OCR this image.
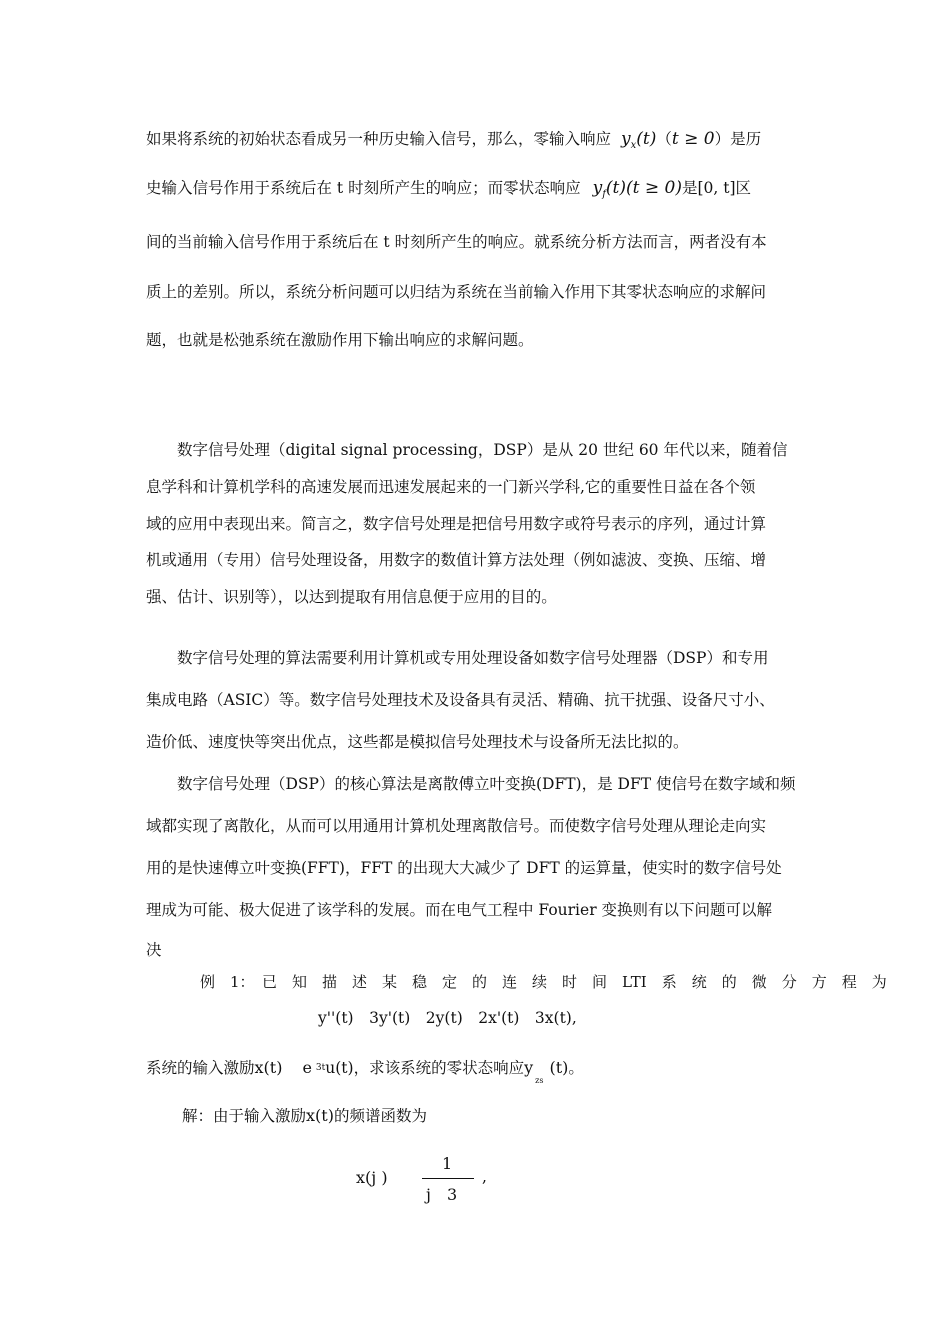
如果将系统的初始状态看成另一种历史输入信号，那么，零输入响应 $y_x(t)(t \ge 0)$是历
史输入信号作用于系统后在 t 时刻所产生的响应；而零状态响应 $y_f(t)(t \ge 0)$是[0, t]区
间的当前输入信号作用于系统后在 t 时刻所产生的响应。就系统分析方法而言，两者没有本
质上的差别。所以，系统分析问题可以归结为系统在当前输入作用下其零状态响应的求解问
题，也就是松弛系统在激励作用下输出响应的求解问题。
数字信号处理（digital signal processing，DSP）是从 20 世纪 60 年代以来，随着信
息学科和计算机学科的高速发展而迅速发展起来的一门新兴学科,它的重要性日益在各个领
域的应用中表现出来。简言之，数字信号处理是把信号用数字或符号表示的序列，通过计算
机或通用（专用）信号处理设备，用数字的数值计算方法处理（例如滤波、变换、压缩、增
强、估计、识别等），以达到提取有用信息便于应用的目的。
数字信号处理的算法需要利用计算机或专用处理设备如数字信号处理器（DSP）和专用
集成电路（ASIC）等。数字信号处理技术及设备具有灵活、精确、抗干扰强、设备尺寸小、
造价低、速度快等突出优点，这些都是模拟信号处理技术与设备所无法比拟的。
数字信号处理（DSP）的核心算法是离散傅立叶变换(DFT)，是 DFT 使信号在数字域和频
域都实现了离散化，从而可以用通用计算机处理离散信号。而使数字信号处理从理论走向实
用的是快速傅立叶变换(FFT)，FFT 的出现大大减少了 DFT 的运算量，使实时的数字信号处
理成为可能、极大促进了该学科的发展。而在电气工程中 Fourier 变换则有以下问题可以解
决
例　1：　已　知　描　述　某　稳　定　的　连　续　时　间　LTI　系　统　的　微　分　方　程　为
y''(t)　3y'(t)　2y(t)　2x'(t)　3x(t),
系统的输入激励x(t) e 3tu(t)，求该系统的零状态响应$y_{zs}(t)$。
解：由于输入激励x(t)的频谱函数为
x(j )
1
j　3
,
